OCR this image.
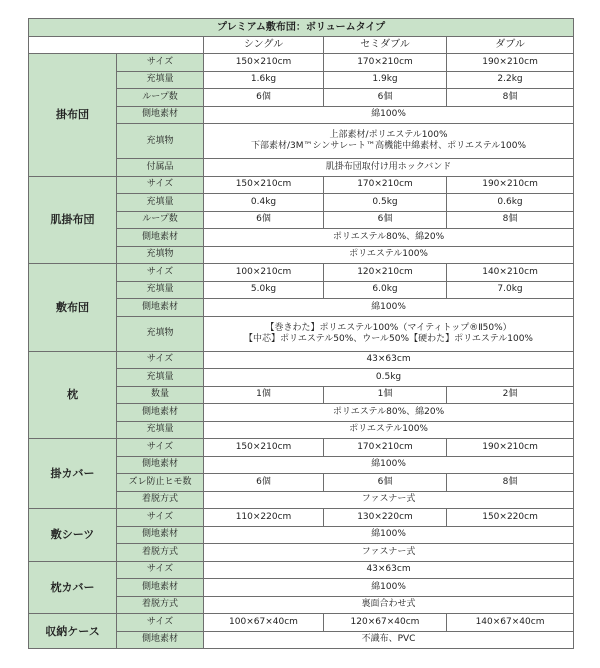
プレミアム敷布団：ボリュームタイプ				
		シングル	セミダブル	ダブル
掛布団	サイズ	150×210cm	170×210cm	190×210cm
	充填量	1.6kg	1.9kg	2.2kg
	ループ数	6個	6個	8個
	側地素材	綿100%		

	充填物	上部素材/ポリエステル100%
下部素材/3M™シンサレート™高機能中綿素材、ポリエステル100%		

	付属品	肌掛布団取付け用ホックバンド		

肌掛布団	サイズ	150×210cm	170×210cm	190×210cm
	充填量	0.4kg	0.5kg	0.6kg
	ループ数	6個	6個	8個
	側地素材	ポリエステル80%、綿20%		

	充填物	ポリエステル100%		

敷布団	サイズ	100×210cm	120×210cm	140×210cm
	充填量	5.0kg	6.0kg	7.0kg
	側地素材	綿100%		

	充填物	【巻きわた】ポリエステル100%（マイティトップ®Ⅱ50%）
【中芯】ポリエステル50%、ウール50%【硬わた】ポリエステル100%		

枕	サイズ	43×63cm		

	充填量	0.5kg		

	数量	1個	1個	2個
	側地素材	ポリエステル80%、綿20%		

	充填量	ポリエステル100%		

掛カバー	サイズ	150×210cm	170×210cm	190×210cm
	側地素材	綿100%		

	ズレ防止ヒモ数	6個	6個	8個
	着脱方式	ファスナー式		

敷シーツ	サイズ	110×220cm	130×220cm	150×220cm
	側地素材	綿100%		

	着脱方式	ファスナー式		

枕カバー	サイズ	43×63cm		

	側地素材	綿100%		

	着脱方式	裏面合わせ式		

収納ケース	サイズ	100×67×40cm	120×67×40cm	140×67×40cm
	側地素材	不識布、PVC		
